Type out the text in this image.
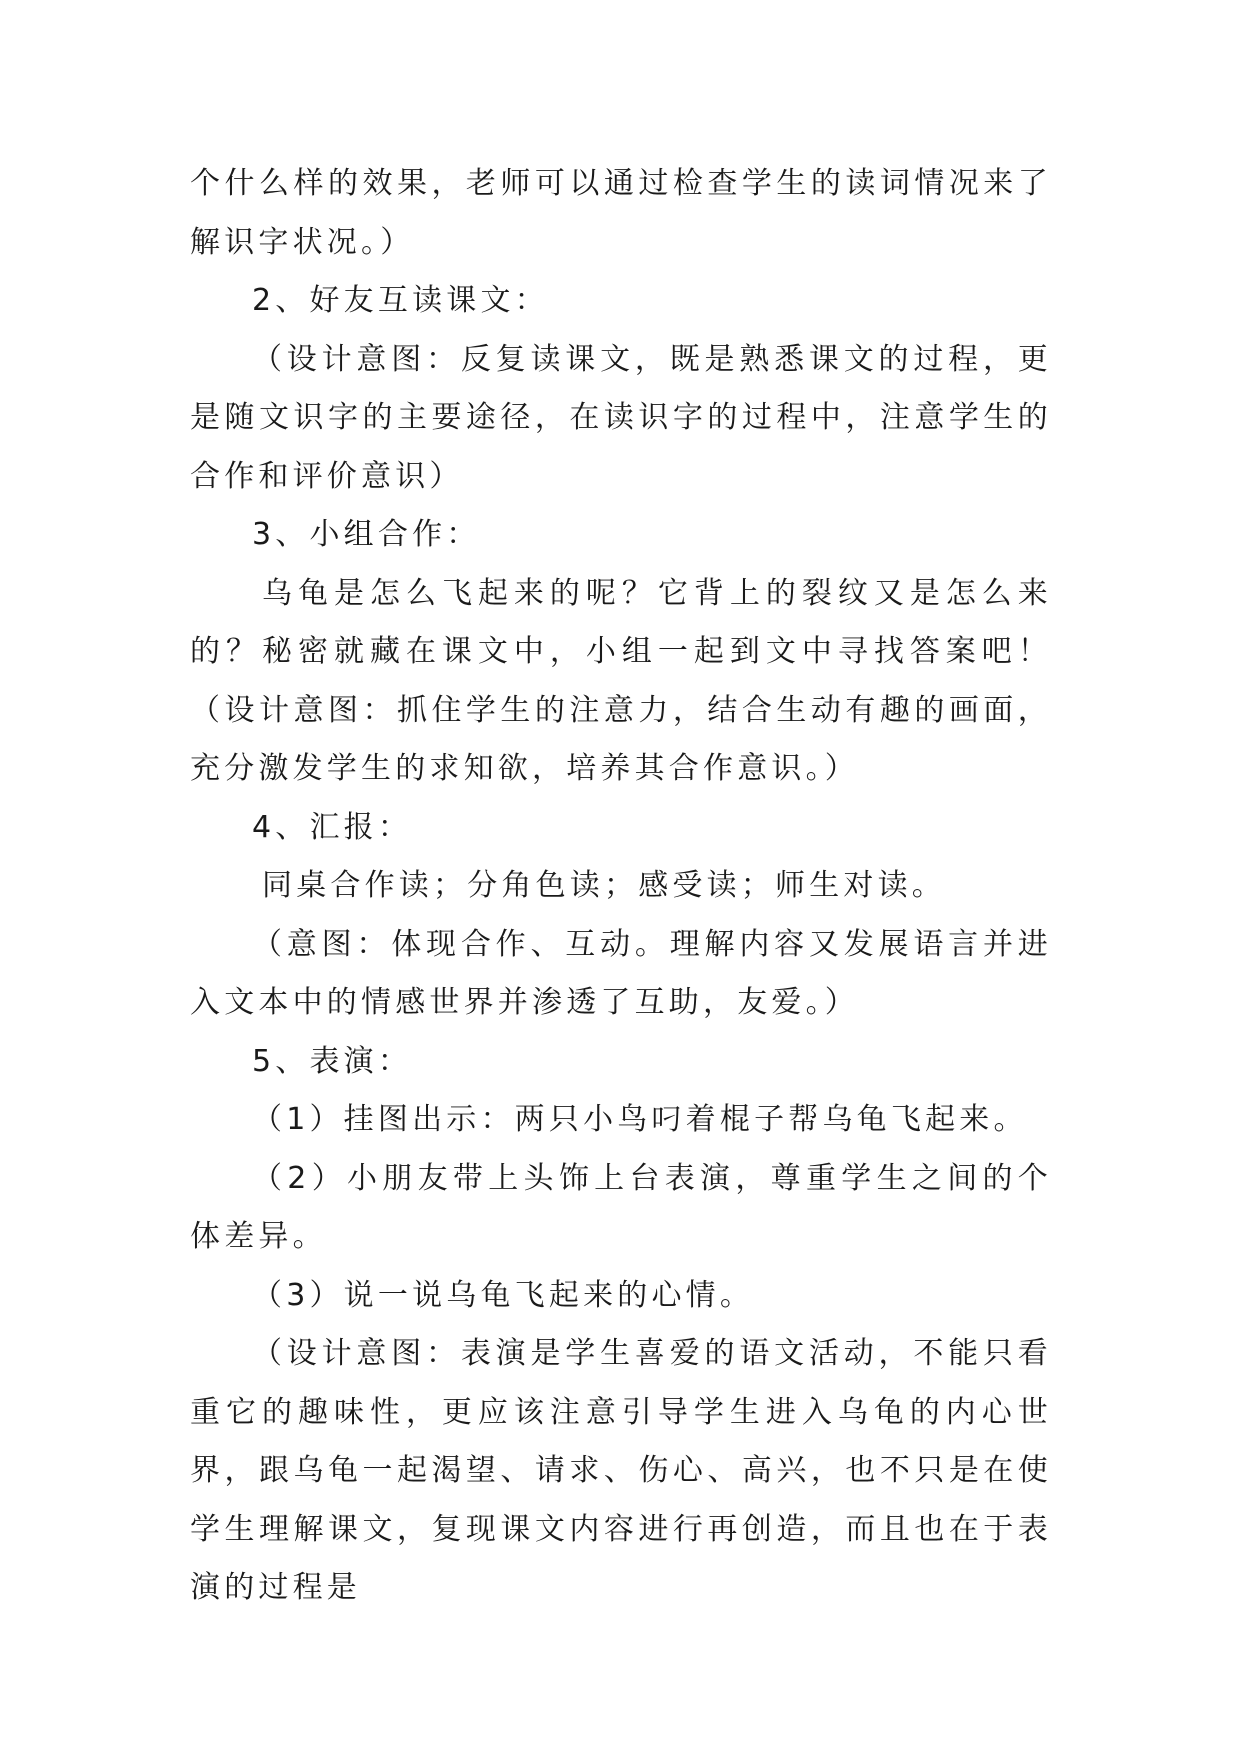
个什么样的效果，老师可以通过检查学生的读词情况来了解识字状况。）

2、好友互读课文：

（设计意图：反复读课文，既是熟悉课文的过程，更是随文识字的主要途径，在读识字的过程中，注意学生的合作和评价意识）

3、小组合作：

乌龟是怎么飞起来的呢？它背上的裂纹又是怎么来的？秘密就藏在课文中，小组一起到文中寻找答案吧！（设计意图：抓住学生的注意力，结合生动有趣的画面，充分激发学生的求知欲，培养其合作意识。）

4、汇报：

同桌合作读；分角色读；感受读；师生对读。

（意图：体现合作、互动。理解内容又发展语言并进入文本中的情感世界并渗透了互助，友爱。）

5、表演：

（1）挂图出示：两只小鸟叼着棍子帮乌龟飞起来。

（2）小朋友带上头饰上台表演，尊重学生之间的个体差异。

（3）说一说乌龟飞起来的心情。

（设计意图：表演是学生喜爱的语文活动，不能只看重它的趣味性，更应该注意引导学生进入乌龟的内心世界，跟乌龟一起渴望、请求、伤心、高兴，也不只是在使学生理解课文，复现课文内容进行再创造，而且也在于表演的过程是
